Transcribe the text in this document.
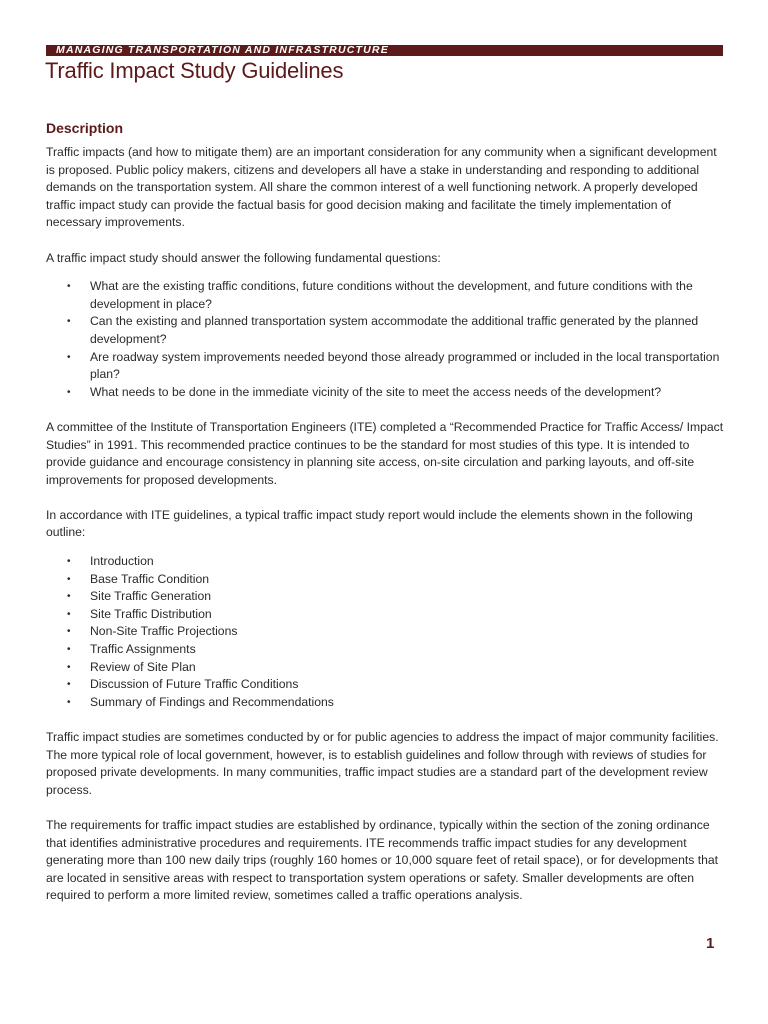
MANAGING TRANSPORTATION AND INFRASTRUCTURE
Traffic Impact Study Guidelines
Description

Traffic impacts (and how to mitigate them) are an important consideration for any community when a significant development is proposed. Public policy makers, citizens and developers all have a stake in understanding and responding to additional demands on the transportation system. All share the common interest of a well functioning network. A properly developed traffic impact study can provide the factual basis for good decision making and facilitate the timely implementation of necessary improvements.

A traffic impact study should answer the following fundamental questions:

• What are the existing traffic conditions, future conditions without the development, and future conditions with the development in place?
• Can the existing and planned transportation system accommodate the additional traffic generated by the planned development?
• Are roadway system improvements needed beyond those already programmed or included in the local transportation plan?
• What needs to be done in the immediate vicinity of the site to meet the access needs of the development?

A committee of the Institute of Transportation Engineers (ITE) completed a “Recommended Practice for Traffic Access/ Impact Studies” in 1991. This recommended practice continues to be the standard for most studies of this type. It is intended to provide guidance and encourage consistency in planning site access, on-site circulation and parking layouts, and off-site improvements for proposed developments.

In accordance with ITE guidelines, a typical traffic impact study report would include the elements shown in the following outline:

• Introduction
• Base Traffic Condition
• Site Traffic Generation
• Site Traffic Distribution
• Non-Site Traffic Projections
• Traffic Assignments
• Review of Site Plan
• Discussion of Future Traffic Conditions
• Summary of Findings and Recommendations

Traffic impact studies are sometimes conducted by or for public agencies to address the impact of major community facilities. The more typical role of local government, however, is to establish guidelines and follow through with reviews of studies for proposed private developments. In many communities, traffic impact studies are a standard part of the development review process.

The requirements for traffic impact studies are established by ordinance, typically within the section of the zoning ordinance that identifies administrative procedures and requirements. ITE recommends traffic impact studies for any development generating more than 100 new daily trips (roughly 160 homes or 10,000 square feet of retail space), or for developments that are located in sensitive areas with respect to transportation system operations or safety. Smaller developments are often required to perform a more limited review, sometimes called a traffic operations analysis.

1
